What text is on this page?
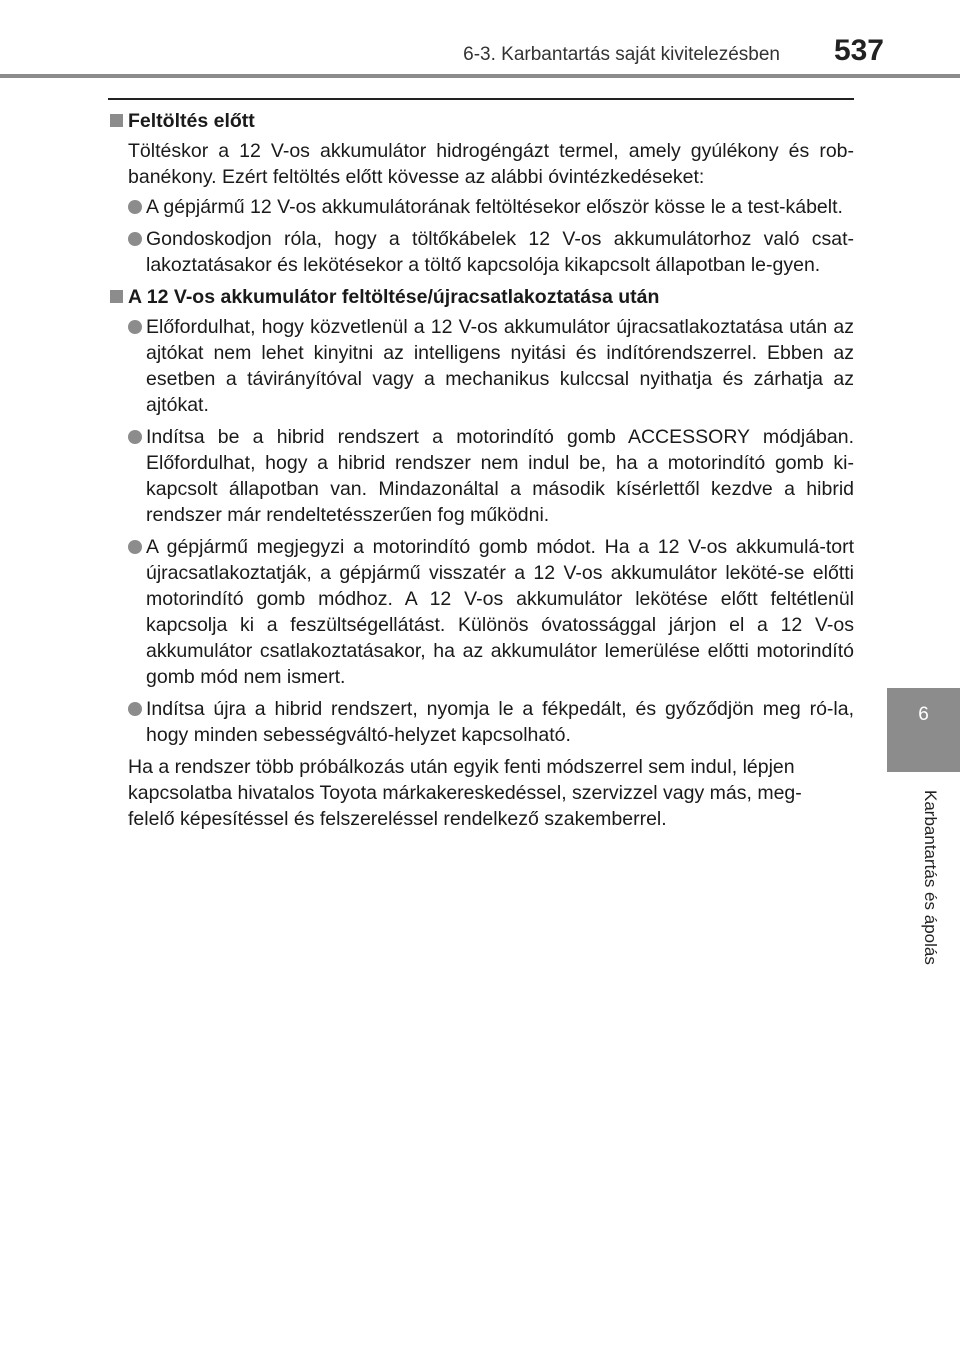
6-3. Karbantartás saját kivitelezésben 537
6
Karbantartás és ápolás
Feltöltés előtt
Töltéskor a 12 V-os akkumulátor hidrogéngázt termel, amely gyúlékony és rob-banékony. Ezért feltöltés előtt kövesse az alábbi óvintézkedéseket:
A gépjármű 12 V-os akkumulátorának feltöltésekor először kösse le a test-kábelt.
Gondoskodjon róla, hogy a töltőkábelek 12 V-os akkumulátorhoz való csat-lakoztatásakor és lekötésekor a töltő kapcsolója kikapcsolt állapotban le-gyen.
A 12 V-os akkumulátor feltöltése/újracsatlakoztatása után
Előfordulhat, hogy közvetlenül a 12 V-os akkumulátor újracsatlakoztatása után az ajtókat nem lehet kinyitni az intelligens nyitási és indítórendszerrel. Ebben az esetben a távirányítóval vagy a mechanikus kulccsal nyithatja és zárhatja az ajtókat.
Indítsa be a hibrid rendszert a motorindító gomb ACCESSORY módjában. Előfordulhat, hogy a hibrid rendszer nem indul be, ha a motorindító gomb ki-kapcsolt állapotban van. Mindazonáltal a második kísérlettől kezdve a hibrid rendszer már rendeltetésszerűen fog működni.
A gépjármű megjegyzi a motorindító gomb módot. Ha a 12 V-os akkumulá-tort újracsatlakoztatják, a gépjármű visszatér a 12 V-os akkumulátor leköté-se előtti motorindító gomb módhoz. A 12 V-os akkumulátor lekötése előtt feltétlenül kapcsolja ki a feszültségellátást. Különös óvatossággal járjon el a 12 V-os akkumulátor csatlakoztatásakor, ha az akkumulátor lemerülése előtti motorindító gomb mód nem ismert.
Indítsa újra a hibrid rendszert, nyomja le a fékpedált, és győződjön meg ró-la, hogy minden sebességváltó-helyzet kapcsolható.
Ha a rendszer több próbálkozás után egyik fenti módszerrel sem indul, lépjen kapcsolatba hivatalos Toyota márkakereskedéssel, szervizzel vagy más, meg-felelő képesítéssel és felszereléssel rendelkező szakemberrel.
